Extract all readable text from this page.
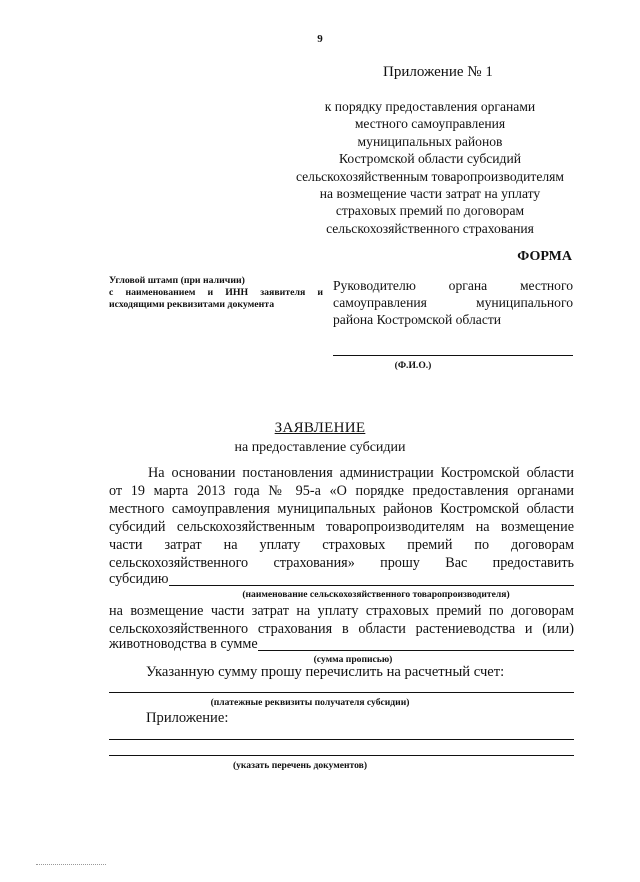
9
Приложение № 1
к порядку предоставления органами
местного самоуправления
муниципальных районов
Костромской области субсидий
сельскохозяйственным товаропроизводителям
на возмещение части затрат на уплату
страховых премий по договорам
сельскохозяйственного страхования
ФОРМА
Угловой штамп (при наличии)
с наименованием и ИНН заявителя и
исходящими реквизитами документа
Руководителю органа местного
самоуправления муниципального
района Костромской области
(Ф.И.О.)
ЗАЯВЛЕНИЕ
на предоставление субсидии
На основании постановления администрации Костромской области
от 19 марта 2013 года № 95-а «О порядке предоставления органами
местного самоуправления муниципальных районов Костромской области
субсидий сельскохозяйственным товаропроизводителям на возмещение
части затрат на уплату страховых премий по договорам
сельскохозяйственного страхования» прошу Вас предоставить
субсидию
(наименование сельскохозяйственного товаропроизводителя)
на возмещение части затрат на уплату страховых премий по договорам
сельскохозяйственного страхования в области растениеводства и (или)
животноводства в сумме
(сумма прописью)
Указанную сумму прошу перечислить на расчетный счет:
(платежные реквизиты получателя субсидии)
Приложение:
(указать перечень документов)
